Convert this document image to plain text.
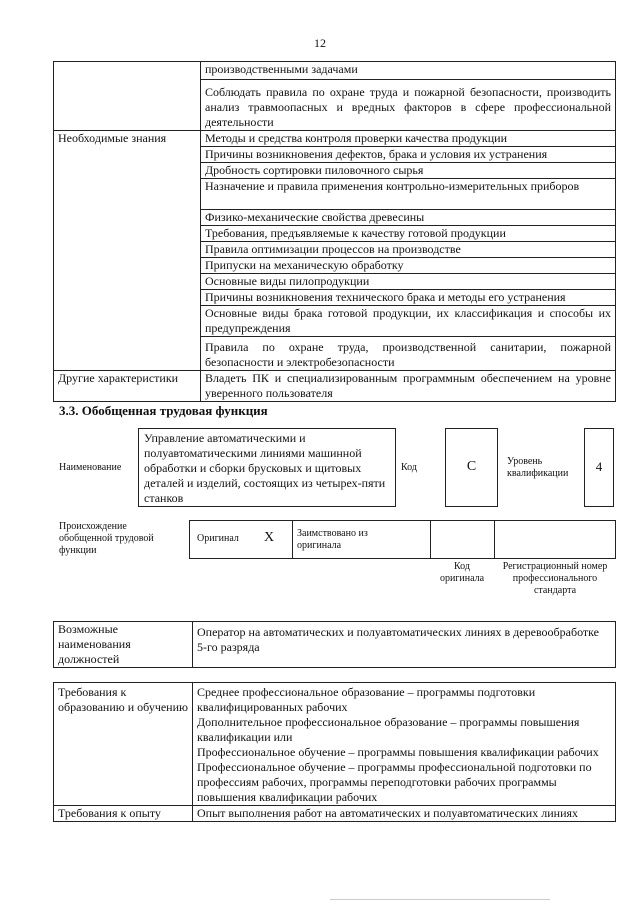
12
	производственными задачами
	Соблюдать правила по охране труда и пожарной безопасности, производить анализ травмоопасных и вредных факторов в сфере профессиональной деятельности
Необходимые знания	Методы и средства контроля проверки качества продукции
	Причины возникновения дефектов, брака и условия их устранения
	Дробность сортировки пиловочного сырья
	Назначение и правила применения контрольно-измерительных приборов
	Физико-механические свойства древесины
	Требования, предъявляемые к качеству готовой продукции
	Правила оптимизации процессов на производстве
	Припуски на механическую обработку
	Основные виды пилопродукции
	Причины возникновения технического брака и методы его устранения
	Основные виды брака готовой продукции, их классификация и способы их предупреждения
	Правила по охране труда, производственной санитарии, пожарной безопасности и электробезопасности
Другие характеристики	Владеть ПК и специализированным программным обеспечением на уровне уверенного пользователя
3.3. Обобщенная трудовая функция
Наименование
Управление автоматическими и полуавтоматическими линиями машинной обработки и сборки брусковых и щитовых деталей и изделий, состоящих из четырех-пяти станков
Код	C	Уровень квалификации	4
Происхождение обобщенной трудовой функции
Оригинал X Заимствовано из оригинала
Код оригинала
Регистрационный номер профессионального стандарта
Возможные наименования должностей	Оператор на автоматических и полуавтоматических линиях в деревообработке 5-го разряда
Требования к образованию и обучению	Среднее профессиональное образование – программы подготовки квалифицированных рабочих
Дополнительное профессиональное образование – программы повышения квалификации или
Профессиональное обучение – программы повышения квалификации рабочих
Профессиональное обучение – программы профессиональной подготовки по профессиям рабочих, программы переподготовки рабочих программы повышения квалификации рабочих

Требования к опыту	Опыт выполнения работ на автоматических и полуавтоматических линиях
